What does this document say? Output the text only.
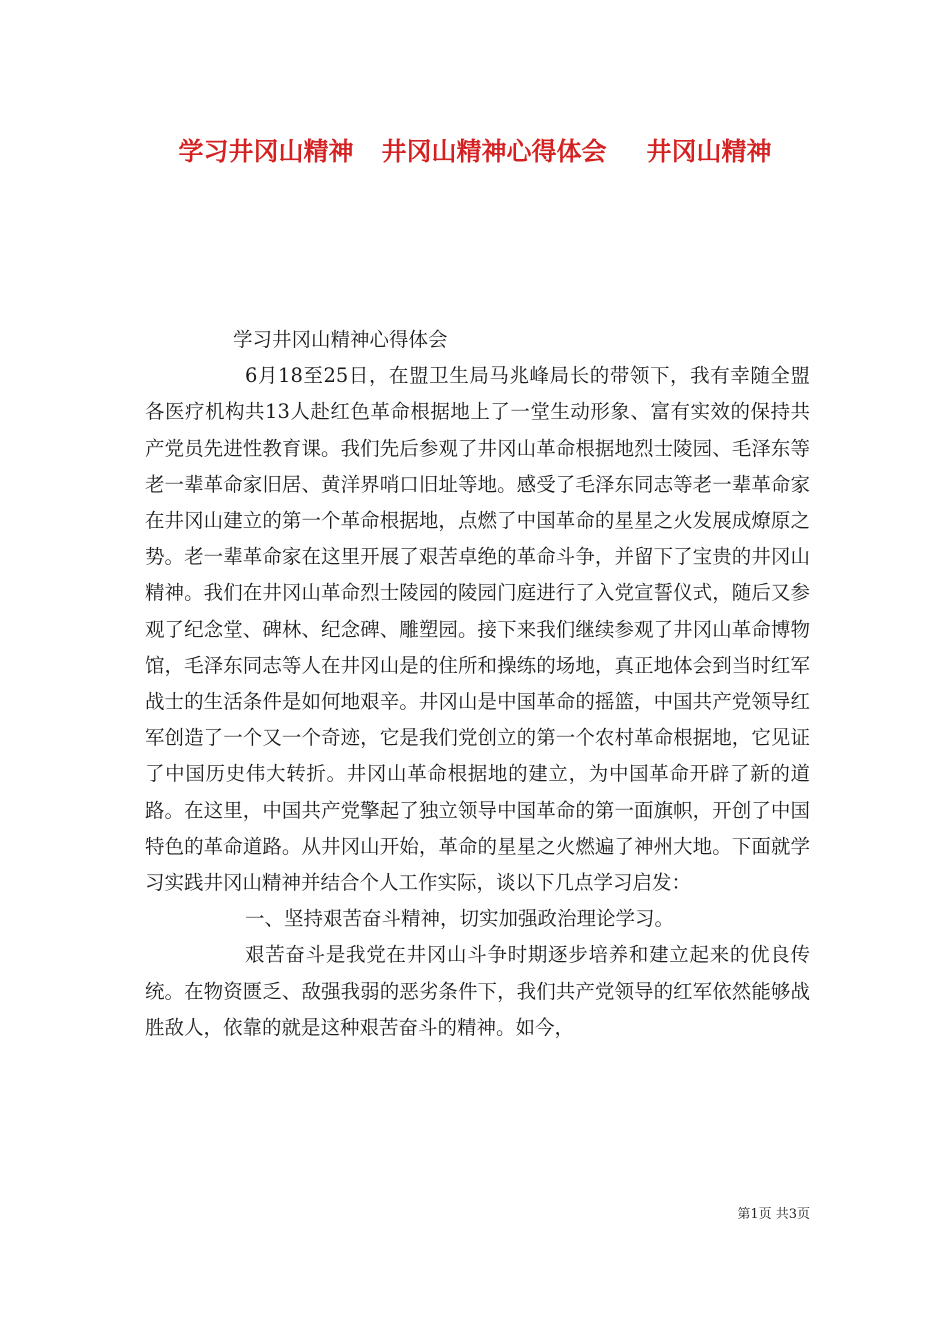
学习井冈山精神 井冈山精神心得体会 井冈山精神

学习井冈山精神心得体会

6月18至25日，在盟卫生局马兆峰局长的带领下，我有幸随全盟各医疗机构共13人赴红色革命根据地上了一堂生动形象、富有实效的保持共产党员先进性教育课。我们先后参观了井冈山革命根据地烈士陵园、毛泽东等老一辈革命家旧居、黄洋界哨口旧址等地。感受了毛泽东同志等老一辈革命家在井冈山建立的第一个革命根据地，点燃了中国革命的星星之火发展成燎原之势。老一辈革命家在这里开展了艰苦卓绝的革命斗争，并留下了宝贵的井冈山精神。我们在井冈山革命烈士陵园的陵园门庭进行了入党宣誓仪式，随后又参观了纪念堂、碑林、纪念碑、雕塑园。接下来我们继续参观了井冈山革命博物馆，毛泽东同志等人在井冈山是的住所和操练的场地，真正地体会到当时红军战士的生活条件是如何地艰辛。井冈山是中国革命的摇篮，中国共产党领导红军创造了一个又一个奇迹，它是我们党创立的第一个农村革命根据地，它见证了中国历史伟大转折。井冈山革命根据地的建立，为中国革命开辟了新的道路。在这里，中国共产党擎起了独立领导中国革命的第一面旗帜，开创了中国特色的革命道路。从井冈山开始，革命的星星之火燃遍了神州大地。下面就学习实践井冈山精神并结合个人工作实际，谈以下几点学习启发：

一、坚持艰苦奋斗精神，切实加强政治理论学习。

艰苦奋斗是我党在井冈山斗争时期逐步培养和建立起来的优良传统。在物资匮乏、敌强我弱的恶劣条件下，我们共产党领导的红军依然能够战胜敌人，依靠的就是这种艰苦奋斗的精神。如今，

第1页 共3页
